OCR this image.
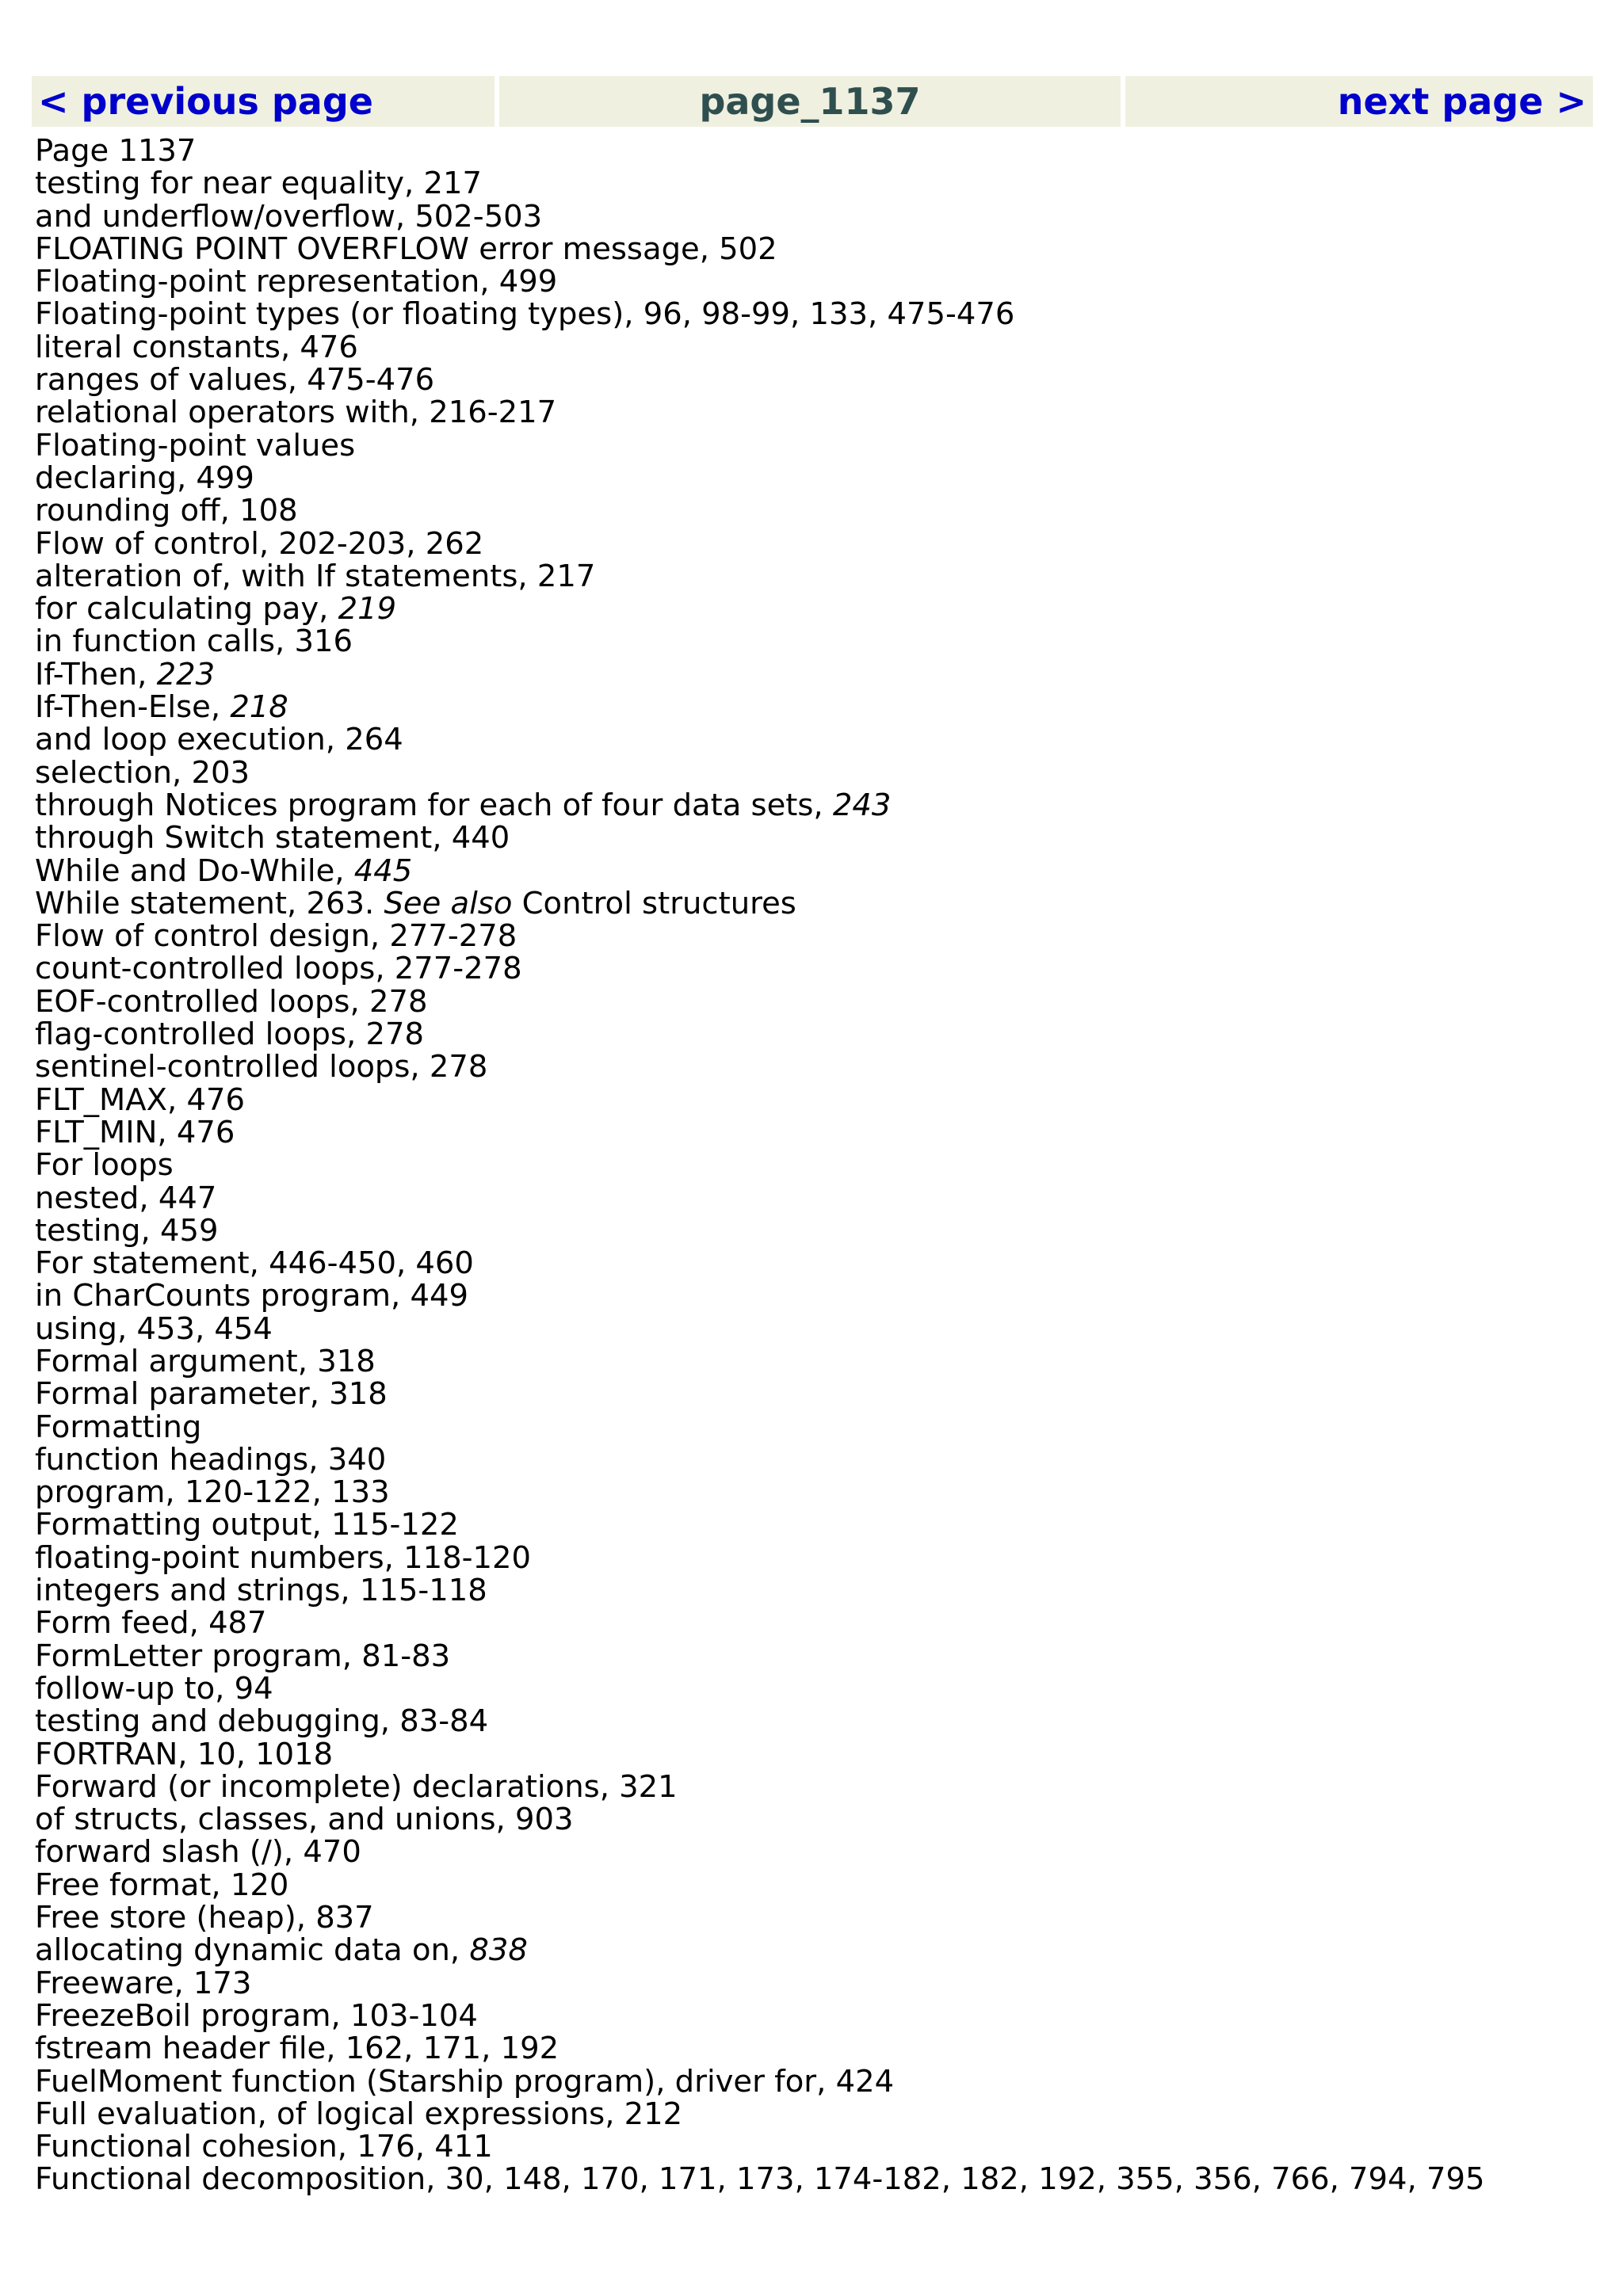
< previous page	page_1137	next page >
Page 1137
testing for near equality, 217
and underflow/overflow, 502-503
FLOATING POINT OVERFLOW error message, 502
Floating-point representation, 499
Floating-point types (or floating types), 96, 98-99, 133, 475-476
literal constants, 476
ranges of values, 475-476
relational operators with, 216-217
Floating-point values
declaring, 499
rounding off, 108
Flow of control, 202-203, 262
alteration of, with If statements, 217
for calculating pay, 219
in function calls, 316
If-Then, 223
If-Then-Else, 218
and loop execution, 264
selection, 203
through Notices program for each of four data sets, 243
through Switch statement, 440
While and Do-While, 445
While statement, 263. See also Control structures
Flow of control design, 277-278
count-controlled loops, 277-278
EOF-controlled loops, 278
flag-controlled loops, 278
sentinel-controlled loops, 278
FLT_MAX, 476
FLT_MIN, 476
For loops
nested, 447
testing, 459
For statement, 446-450, 460
in CharCounts program, 449
using, 453, 454
Formal argument, 318
Formal parameter, 318
Formatting
function headings, 340
program, 120-122, 133
Formatting output, 115-122
floating-point numbers, 118-120
integers and strings, 115-118
Form feed, 487
FormLetter program, 81-83
follow-up to, 94
testing and debugging, 83-84
FORTRAN, 10, 1018
Forward (or incomplete) declarations, 321
of structs, classes, and unions, 903
forward slash (/), 470
Free format, 120
Free store (heap), 837
allocating dynamic data on, 838
Freeware, 173
FreezeBoil program, 103-104
fstream header file, 162, 171, 192
FuelMoment function (Starship program), driver for, 424
Full evaluation, of logical expressions, 212
Functional cohesion, 176, 411
Functional decomposition, 30, 148, 170, 171, 173, 174-182, 182, 192, 355, 356, 766, 794, 795
